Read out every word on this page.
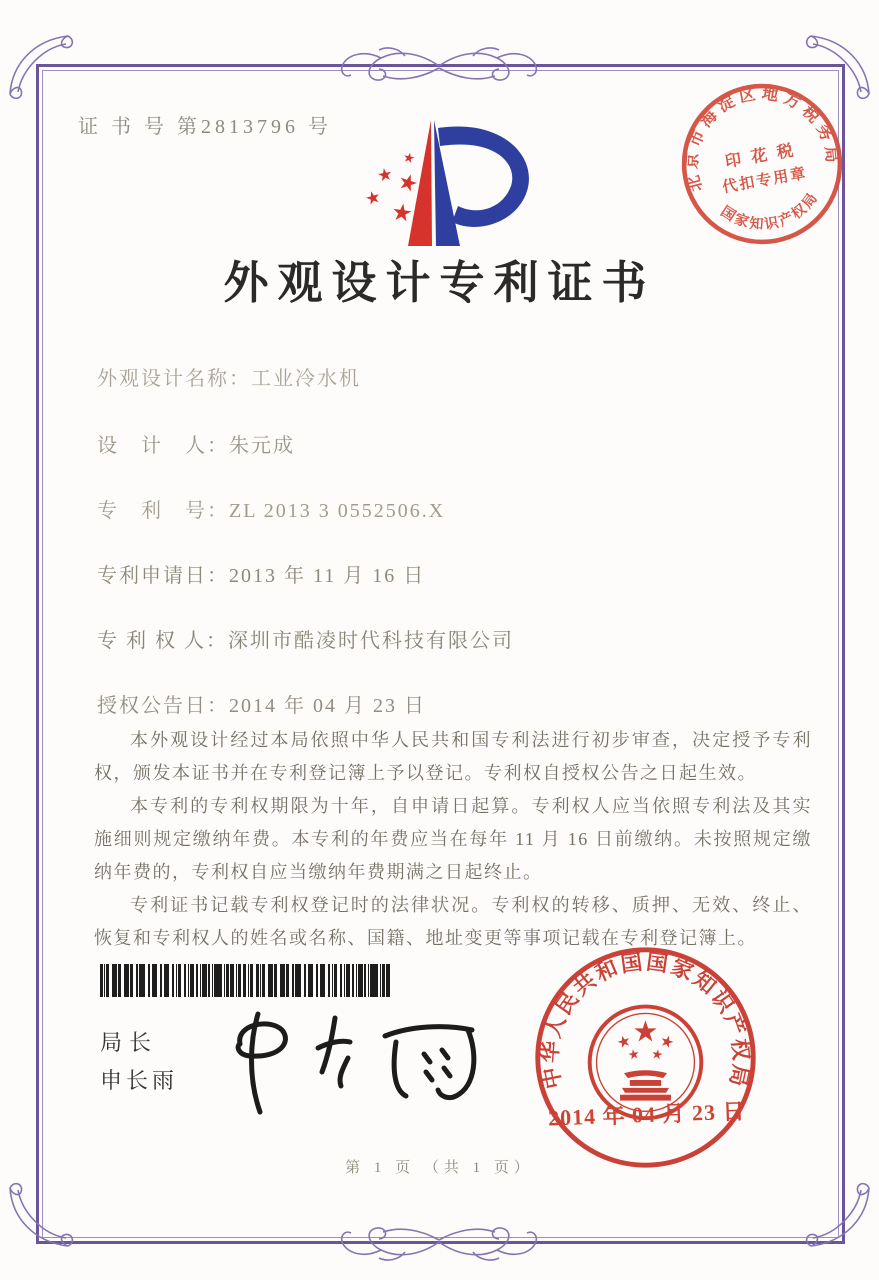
证 书 号 第2813796 号
北京市海淀区地方税务局
国家知识产权局
印 花 税
代扣专用章
外观设计专利证书
外观设计名称：工业冷水机
设　计　人：朱元成
专　利　号：ZL 2013 3 0552506.X
专利申请日：2013 年 11 月 16 日
专 利 权 人：深圳市酷凌时代科技有限公司
授权公告日：2014 年 04 月 23 日

本外观设计经过本局依照中华人民共和国专利法进行初步审查，决定授予专利权，颁发本证书并在专利登记簿上予以登记。专利权自授权公告之日起生效。

本专利的专利权期限为十年，自申请日起算。专利权人应当依照专利法及其实施细则规定缴纳年费。本专利的年费应当在每年 11 月 16 日前缴纳。未按照规定缴纳年费的，专利权自应当缴纳年费期满之日起终止。

专利证书记载专利权登记时的法律状况。专利权的转移、质押、无效、终止、恢复和专利权人的姓名或名称、国籍、地址变更等事项记载在专利登记簿上。

局长
申长雨	中华人民共和国国家知识产权局
2014 年 04 月 23 日
第 1 页 （共 1 页）
